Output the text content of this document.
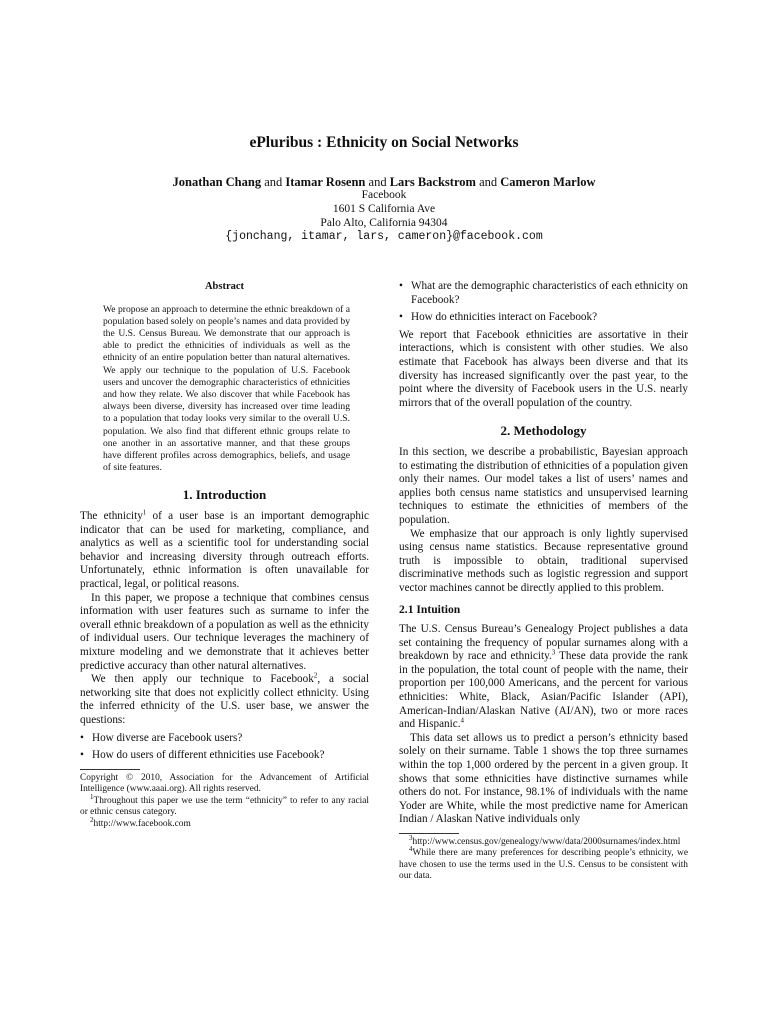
ePluribus : Ethnicity on Social Networks
Jonathan Chang and Itamar Rosenn and Lars Backstrom and Cameron Marlow
Facebook
1601 S California Ave
Palo Alto, California 94304
{jonchang, itamar, lars, cameron}@facebook.com
Abstract
We propose an approach to determine the ethnic breakdown of a population based solely on people’s names and data provided by the U.S. Census Bureau. We demonstrate that our approach is able to predict the ethnicities of individuals as well as the ethnicity of an entire population better than natural alternatives. We apply our technique to the population of U.S. Facebook users and uncover the demographic characteristics of ethnicities and how they relate. We also discover that while Facebook has always been diverse, diversity has increased over time leading to a population that today looks very similar to the overall U.S. population. We also find that different ethnic groups relate to one another in an assortative manner, and that these groups have different profiles across demographics, beliefs, and usage of site features.
1. Introduction

The ethnicity$^1$ of a user base is an important demographic indicator that can be used for marketing, compliance, and analytics as well as a scientific tool for understanding social behavior and increasing diversity through outreach efforts. Unfortunately, ethnic information is often unavailable for practical, legal, or political reasons.

In this paper, we propose a technique that combines census information with user features such as surname to infer the overall ethnic breakdown of a population as well as the ethnicity of individual users. Our technique leverages the machinery of mixture modeling and we demonstrate that it achieves better predictive accuracy than other natural alternatives.

We then apply our technique to Facebook$^2$, a social networking site that does not explicitly collect ethnicity. Using the inferred ethnicity of the U.S. user base, we answer the questions:

• How diverse are Facebook users?
• How do users of different ethnicities use Facebook?
Copyright © 2010, Association for the Advancement of Artificial Intelligence (www.aaai.org). All rights reserved.
$^1$Throughout this paper we use the term “ethnicity” to refer to any racial or ethnic census category.
$^2$http://www.facebook.com
• What are the demographic characteristics of each ethnicity on Facebook?
• How do ethnicities interact on Facebook?

We report that Facebook ethnicities are assortative in their interactions, which is consistent with other studies. We also estimate that Facebook has always been diverse and that its diversity has increased significantly over the past year, to the point where the diversity of Facebook users in the U.S. nearly mirrors that of the overall population of the country.

2. Methodology

In this section, we describe a probabilistic, Bayesian approach to estimating the distribution of ethnicities of a population given only their names. Our model takes a list of users’ names and applies both census name statistics and unsupervised learning techniques to estimate the ethnicities of members of the population.

We emphasize that our approach is only lightly supervised using census name statistics. Because representative ground truth is impossible to obtain, traditional supervised discriminative methods such as logistic regression and support vector machines cannot be directly applied to this problem.

2.1 Intuition

The U.S. Census Bureau’s Genealogy Project publishes a data set containing the frequency of popular surnames along with a breakdown by race and ethnicity.$^3$ These data provide the rank in the population, the total count of people with the name, their proportion per 100,000 Americans, and the percent for various ethnicities: White, Black, Asian/Pacific Islander (API), American-Indian/Alaskan Native (AI/AN), two or more races and Hispanic.$^4$

This data set allows us to predict a person’s ethnicity based solely on their surname. Table 1 shows the top three surnames within the top 1,000 ordered by the percent in a given group. It shows that some ethnicities have distinctive surnames while others do not. For instance, 98.1% of individuals with the name Yoder are White, while the most predictive name for American Indian / Alaskan Native individuals only

$^3$http://www.census.gov/genealogy/www/data/2000surnames/index.html
$^4$While there are many preferences for describing people’s ethnicity, we have chosen to use the terms used in the U.S. Census to be consistent with our data.
